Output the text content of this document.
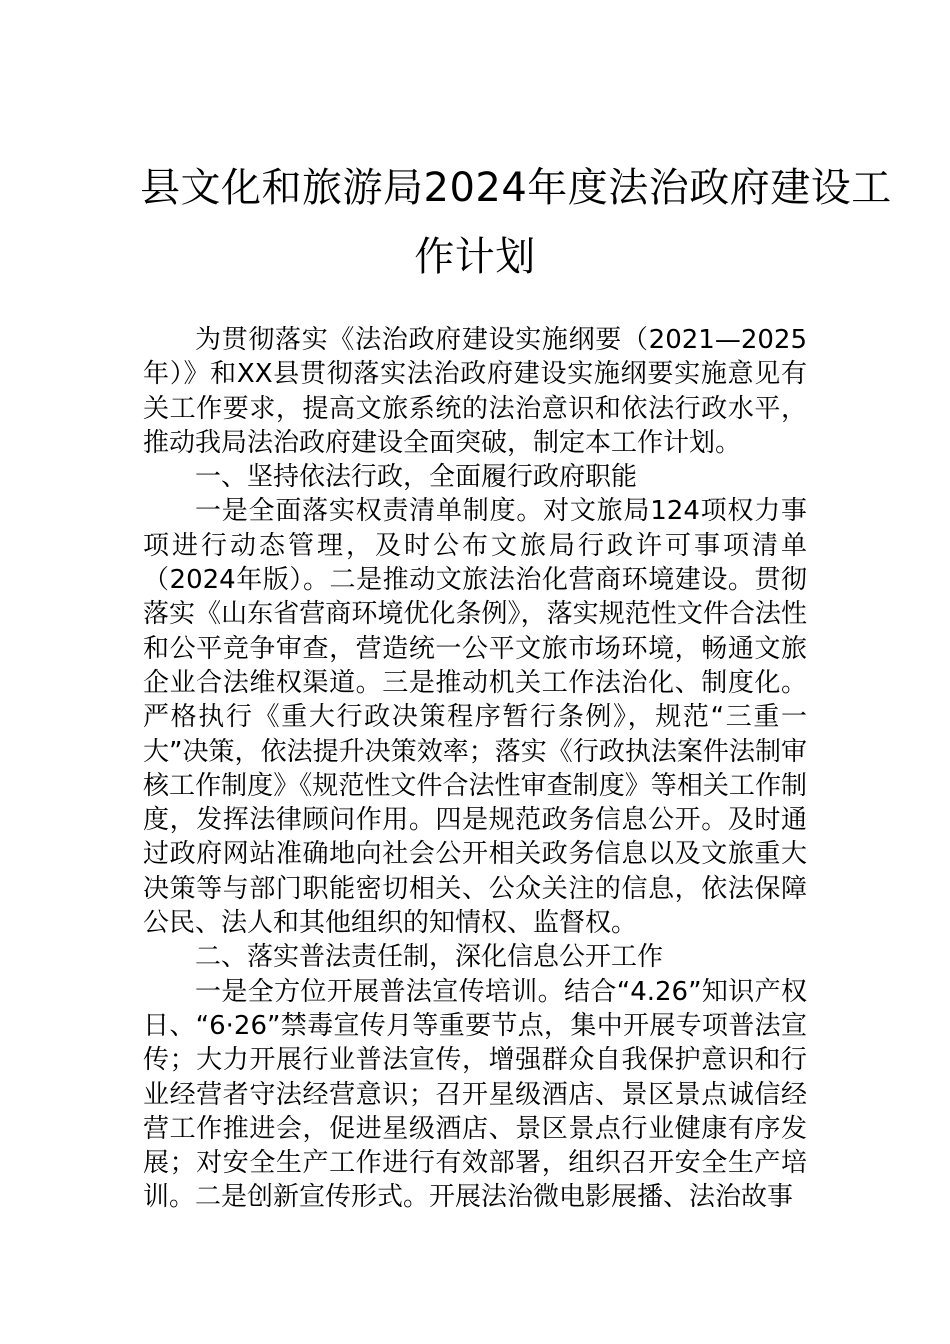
县文化和旅游局2024年度法治政府建设工
作计划

为贯彻落实《法治政府建设实施纲要（2021—2025年）》和XX县贯彻落实法治政府建设实施纲要实施意见有关工作要求，提高文旅系统的法治意识和依法行政水平，推动我局法治政府建设全面突破，制定本工作计划。

一、坚持依法行政，全面履行政府职能

一是全面落实权责清单制度。对文旅局124项权力事项进行动态管理，及时公布文旅局行政许可事项清单（2024年版）。二是推动文旅法治化营商环境建设。贯彻落实《山东省营商环境优化条例》，落实规范性文件合法性和公平竞争审查，营造统一公平文旅市场环境，畅通文旅企业合法维权渠道。三是推动机关工作法治化、制度化。严格执行《重大行政决策程序暂行条例》，规范“三重一大”决策，依法提升决策效率；落实《行政执法案件法制审核工作制度》《规范性文件合法性审查制度》等相关工作制度，发挥法律顾问作用。四是规范政务信息公开。及时通过政府网站准确地向社会公开相关政务信息以及文旅重大决策等与部门职能密切相关、公众关注的信息，依法保障公民、法人和其他组织的知情权、监督权。

二、落实普法责任制，深化信息公开工作

一是全方位开展普法宣传培训。结合“4.26”知识产权日、“6·26”禁毒宣传月等重要节点，集中开展专项普法宣传；大力开展行业普法宣传，增强群众自我保护意识和行业经营者守法经营意识；召开星级酒店、景区景点诚信经营工作推进会，促进星级酒店、景区景点行业健康有序发展；对安全生产工作进行有效部署，组织召开安全生产培训。二是创新宣传形式。开展法治微电影展播、法治故事
